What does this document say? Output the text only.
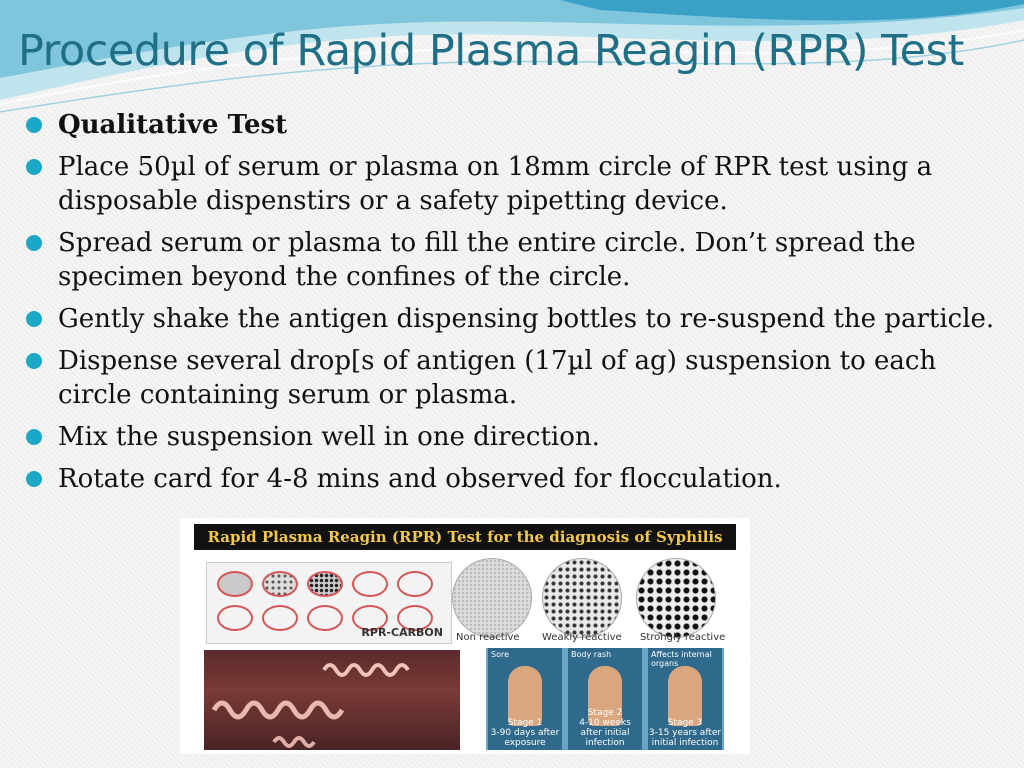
Procedure of Rapid Plasma Reagin (RPR) Test
Qualitative Test
Place 50µl of serum or plasma on 18mm circle of RPR test using a disposable dispenstirs or a safety pipetting device.
Spread serum or plasma to fill the entire circle. Don’t spread the specimen beyond the confines of the circle.
Gently shake the antigen dispensing bottles to re-suspend the particle.
Dispense several drop[s of antigen (17µl of ag) suspension to each circle containing serum or plasma.
Mix the suspension well in one direction.
Rotate card for 4-8 mins and observed for flocculation.
Rapid Plasma Reagin (RPR) Test for the diagnosis of Syphilis
RPR-CARBON Non reactive Weakly reactive Strongly reactive
Sore
Stage 1
3-90 days after exposure
Body rash
Stage 2
4-10 weeks after initial infection
Affects internal organs
Stage 3
3-15 years after initial infection
